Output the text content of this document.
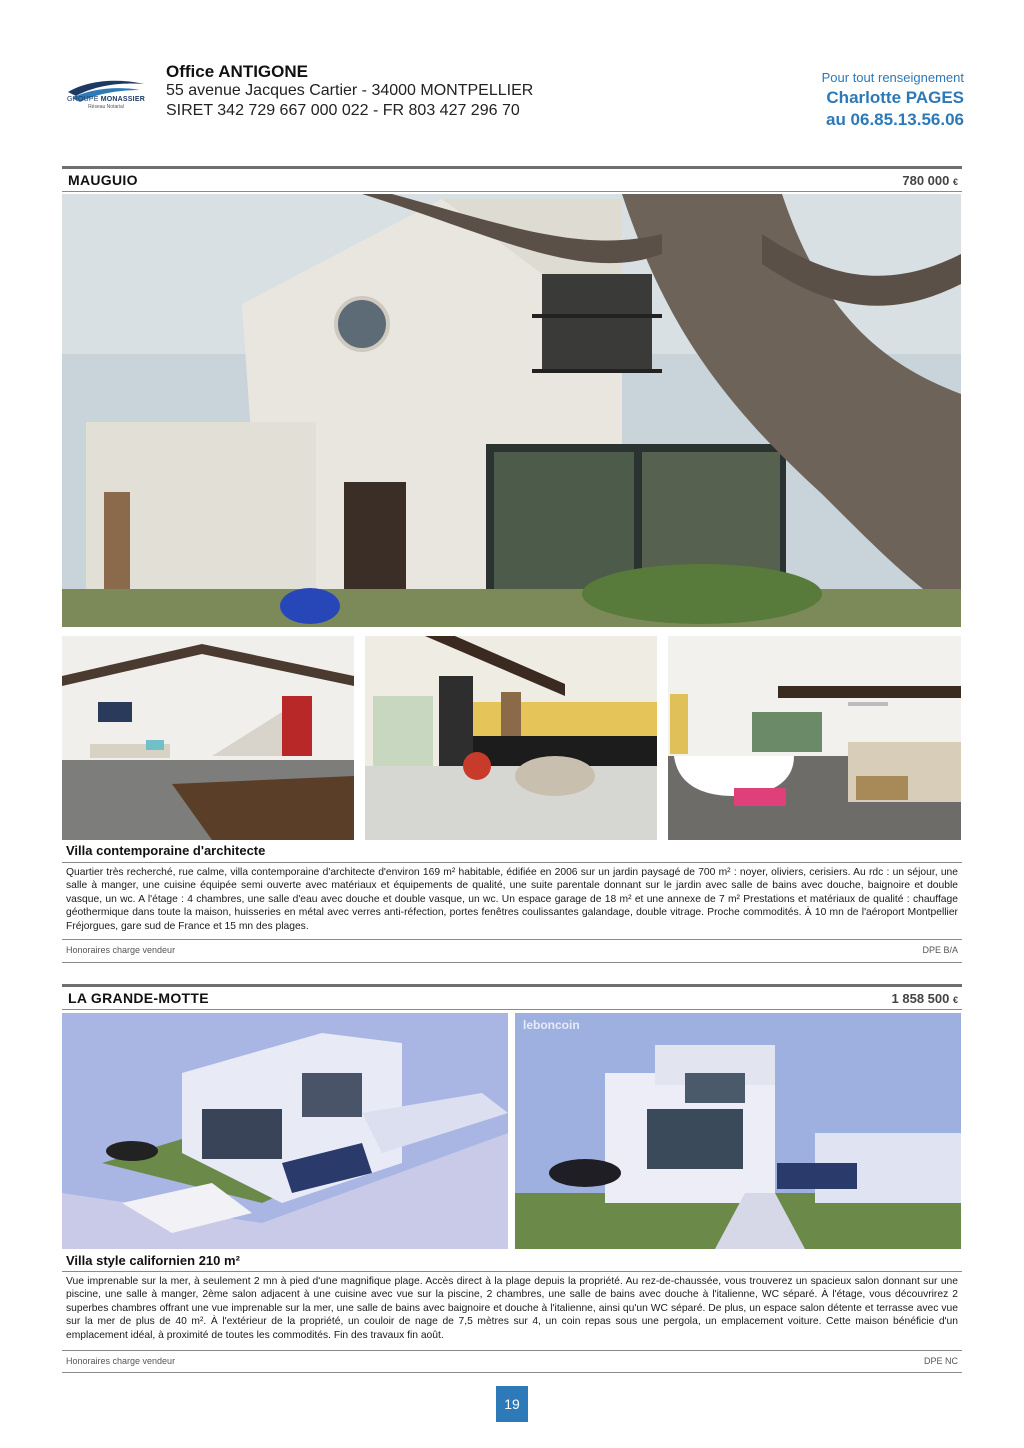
GROUPE MONASSIER
Réseau Notarial
Office ANTIGONE
55 avenue Jacques Cartier - 34000 MONTPELLIER
SIRET 342 729 667 000 022 - FR 803 427 296 70
Pour tout renseignement
Charlotte PAGES
au 06.85.13.56.06
MAUGUIO	780 000 €
Villa contemporaine d'architecte
Quartier très recherché, rue calme, villa contemporaine d'architecte d'environ 169 m² habitable, édifiée en 2006 sur un jardin paysagé de 700 m² : noyer, oliviers, cerisiers. Au rdc : un séjour, une salle à manger, une cuisine équipée semi ouverte avec matériaux et équipements de qualité, une suite parentale donnant sur le jardin avec salle de bains avec douche, baignoire et double vasque, un wc. A l'étage : 4 chambres, une salle d'eau avec douche et double vasque, un wc. Un espace garage de 18 m² et une annexe de 7 m² Prestations et matériaux de qualité : chauffage géothermique dans toute la maison, huisseries en métal avec verres anti-réfection, portes fenêtres coulissantes galandage, double vitrage. Proche commodités. À 10 mn de l'aéroport Montpellier Fréjorgues, gare sud de France et 15 mn des plages.
Honoraires charge vendeur	DPE B/A
LA GRANDE-MOTTE	1 858 500 €
leboncoin
Villa style californien 210 m²
Vue imprenable sur la mer, à seulement 2 mn à pied d'une magnifique plage. Accès direct à la plage depuis la propriété. Au rez-de-chaussée, vous trouverez un spacieux salon donnant sur une piscine, une salle à manger, 2ème salon adjacent à une cuisine avec vue sur la piscine, 2 chambres, une salle de bains avec douche à l'italienne, WC séparé. À l'étage, vous découvrirez 2 superbes chambres offrant une vue imprenable sur la mer, une salle de bains avec baignoire et douche à l'italienne, ainsi qu'un WC séparé. De plus, un espace salon détente et terrasse avec vue sur la mer de plus de 40 m². À l'extérieur de la propriété, un couloir de nage de 7,5 mètres sur 4, un coin repas sous une pergola, un emplacement voiture. Cette maison bénéficie d'un emplacement idéal, à proximité de toutes les commodités. Fin des travaux fin août.
Honoraires charge vendeur	DPE NC
19
